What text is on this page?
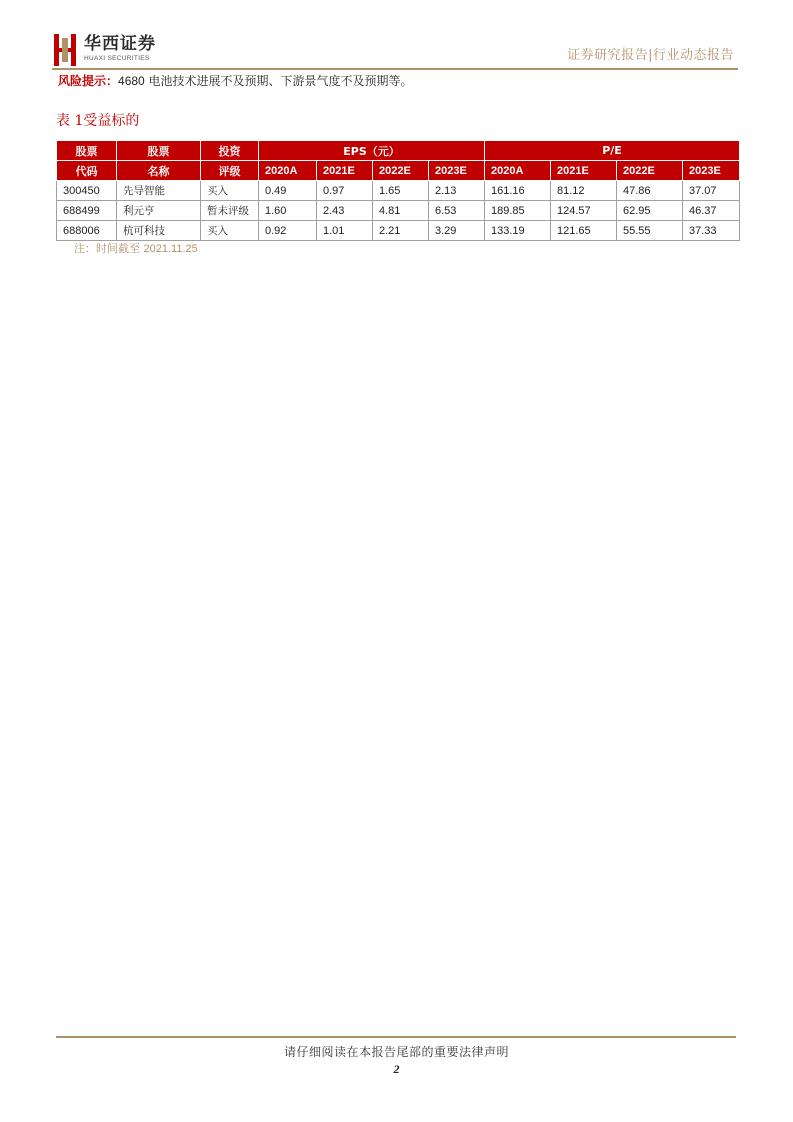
华西证券
HUAXI SECURITIES	证券研究报告|行业动态报告
风险提示：4680 电池技术进展不及预期、下游景气度不及预期等。
表 1受益标的
股票	股票	投资	EPS（元）				P/E			
代码	名称	评级	2020A	2021E	2022E	2023E	2020A	2021E	2022E	2023E
300450	先导智能	买入	0.49	0.97	1.65	2.13	161.16	81.12	47.86	37.07
688499	利元亨	暂未评级	1.60	2.43	4.81	6.53	189.85	124.57	62.95	46.37
688006	杭可科技	买入	0.92	1.01	2.21	3.29	133.19	121.65	55.55	37.33
注：时间截至 2021.11.25
请仔细阅读在本报告尾部的重要法律声明
2
